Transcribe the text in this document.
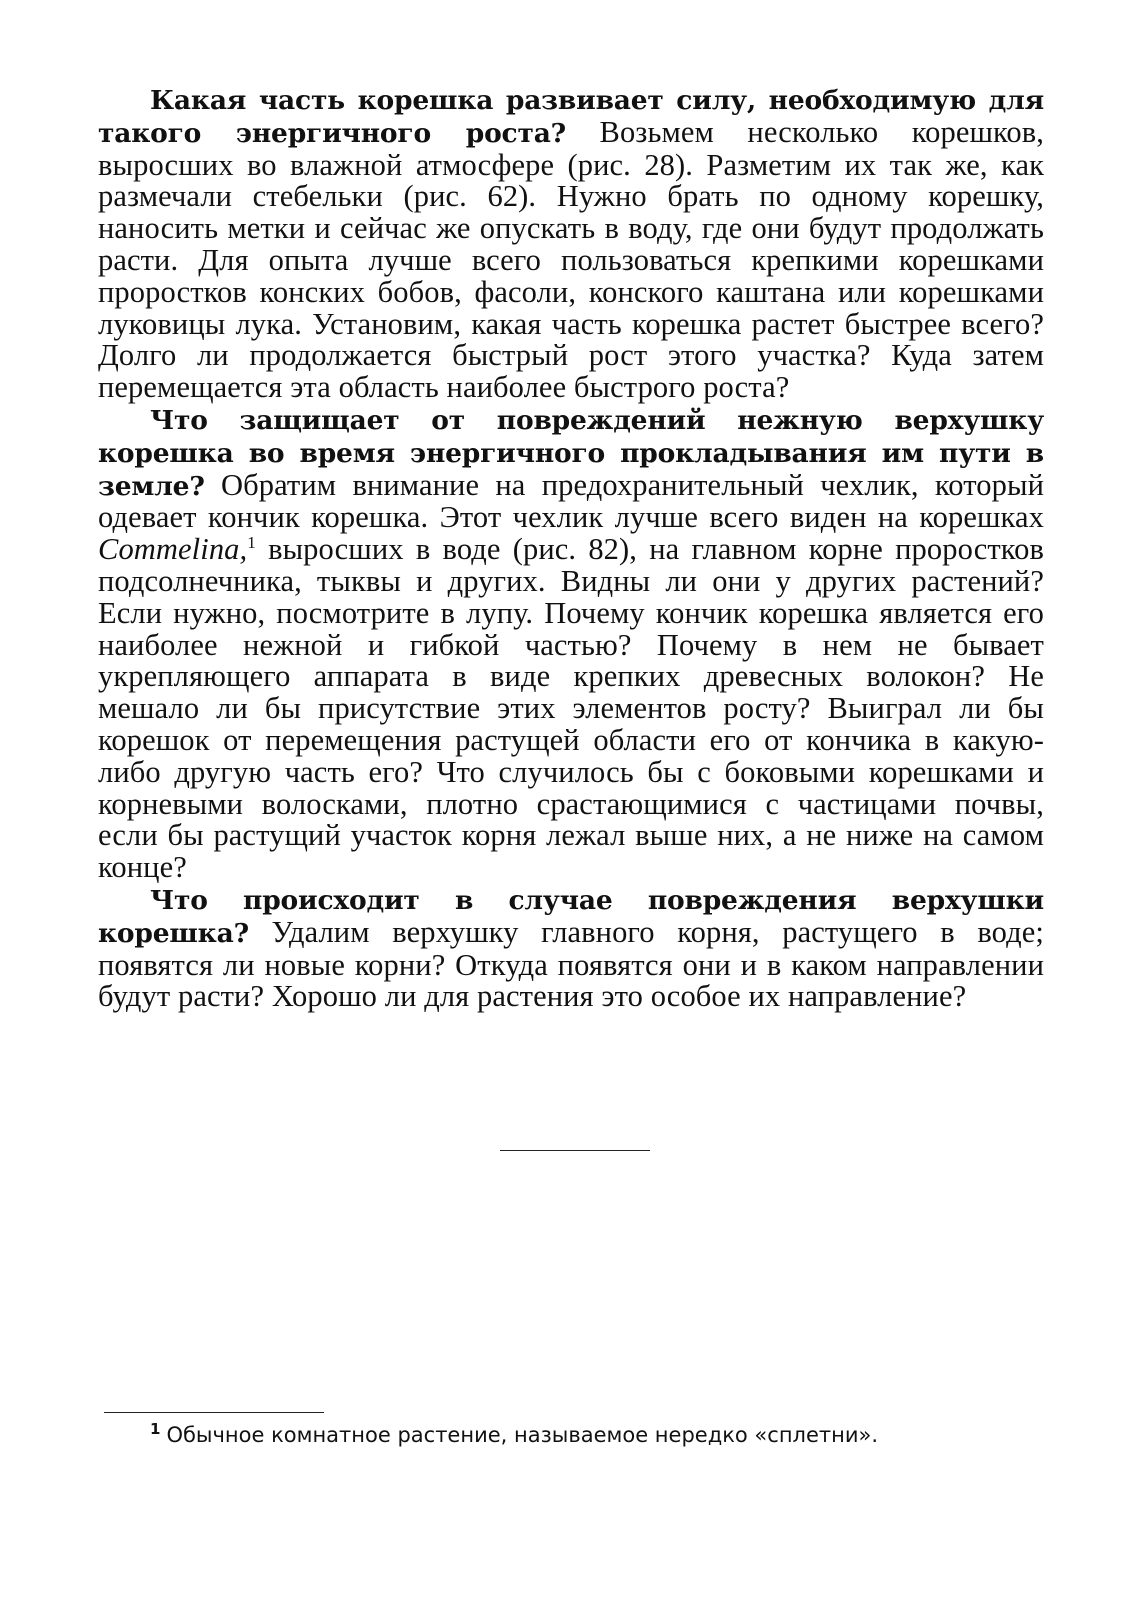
Какая часть корешка развивает силу, необходимую для такого энергичного роста? Возьмем несколько корешков, выросших во влажной атмосфере (рис. 28). Разметим их так же, как размечали стебельки (рис. 62). Нужно брать по одному корешку, наносить метки и сейчас же опускать в воду, где они будут продолжать расти. Для опыта лучше всего пользоваться крепкими корешками проростков конских бобов, фасоли, конского каштана или корешками луковицы лука. Установим, какая часть корешка растет быстрее всего? Долго ли продолжается быстрый рост этого участка? Куда затем перемещается эта область наиболее быстрого роста?

Что защищает от повреждений нежную верхушку корешка во время энергичного прокладывания им пути в земле? Обратим внимание на предохранительный чехлик, который одевает кончик корешка. Этот чехлик лучше всего виден на корешках Commelina,$^1$ выросших в воде (рис. 82), на главном корне проростков подсолнечника, тыквы и других. Видны ли они у других растений? Если нужно, посмотрите в лупу. Почему кончик корешка является его наиболее нежной и гибкой частью? Почему в нем не бывает укрепляющего аппарата в виде крепких древесных волокон? Не мешало ли бы присутствие этих элементов росту? Выиграл ли бы корешок от перемещения растущей области его от кончика в какую-либо другую часть его? Что случилось бы с боковыми корешками и корневыми волосками, плотно срастающимися с частицами почвы, если бы растущий участок корня лежал выше них, а не ниже на самом конце?

Что происходит в случае повреждения верхушки корешка? Удалим верхушку главного корня, растущего в воде; появятся ли новые корни? Откуда появятся они и в каком направлении будут расти? Хорошо ли для растения это особое их направление?

$^1$ Обычное комнатное растение, называемое нередко «сплетни».
